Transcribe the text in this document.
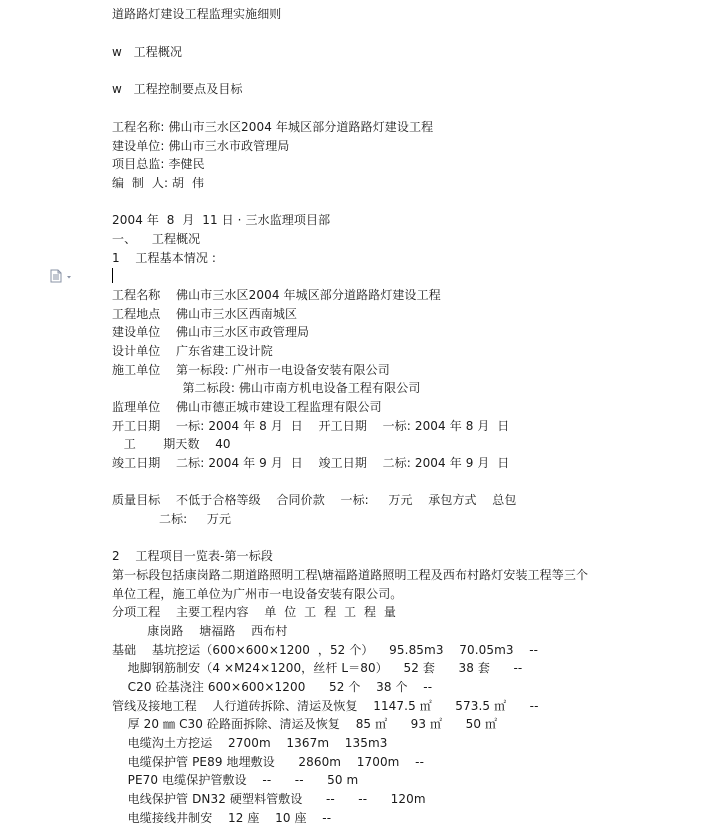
道路路灯建设工程监理实施细则
w   工程概况
w   工程控制要点及目标
工程名称: 佛山市三水区2004 年城区部分道路路灯建设工程
建设单位: 佛山市三水市政管理局
项目总监: 李健民
编  制  人: 胡  伟
2004 年  8  月  11 日 · 三水监理项目部
一、    工程概况
1    工程基本情况 :
工程名称    佛山市三水区2004 年城区部分道路路灯建设工程
工程地点    佛山市三水区西南城区
建设单位    佛山市三水区市政管理局
设计单位    广东省建工设计院
施工单位    第一标段: 广州市一电设备安装有限公司
第二标段: 佛山市南方机电设备工程有限公司
监理单位    佛山市德正城市建设工程监理有限公司
开工日期    一标: 2004 年 8 月  日    开工日期    一标: 2004 年 8 月  日
工       期天数    40
竣工日期    二标: 2004 年 9 月  日    竣工日期    二标: 2004 年 9 月  日
质量目标    不低于合格等级    合同价款    一标:     万元    承包方式    总包
二标:     万元
2    工程项目一览表-第一标段
第一标段包括康岗路二期道路照明工程\塘福路道路照明工程及西布村路灯安装工程等三个
单位工程，施工单位为广州市一电设备安装有限公司。
分项工程    主要工程内容    单  位  工  程  工  程  量
康岗路    塘福路    西布村
基础    基坑挖运（600×600×1200  ，52 个）    95.85m3    70.05m3    --
地脚钢筋制安（4 ×M24×1200，丝杆 L＝80）    52 套      38 套      --
C20 砼基浇注 600×600×1200      52 个    38 个    --
管线及接地工程    人行道砖拆除、清运及恢复    1147.5 ㎡      573.5 ㎡      --
厚 20 ㎜ C30 砼路面拆除、清运及恢复    85 ㎡      93 ㎡      50 ㎡
电缆沟土方挖运    2700m    1367m    135m3
电缆保护管 PE89 地埋敷设      2860m    1700m    --
PE70 电缆保护管敷设    --      --      50 m
电线保护管 DN32 硬塑料管敷设      --      --      120m
电缆接线井制安    12 座    10 座    --
